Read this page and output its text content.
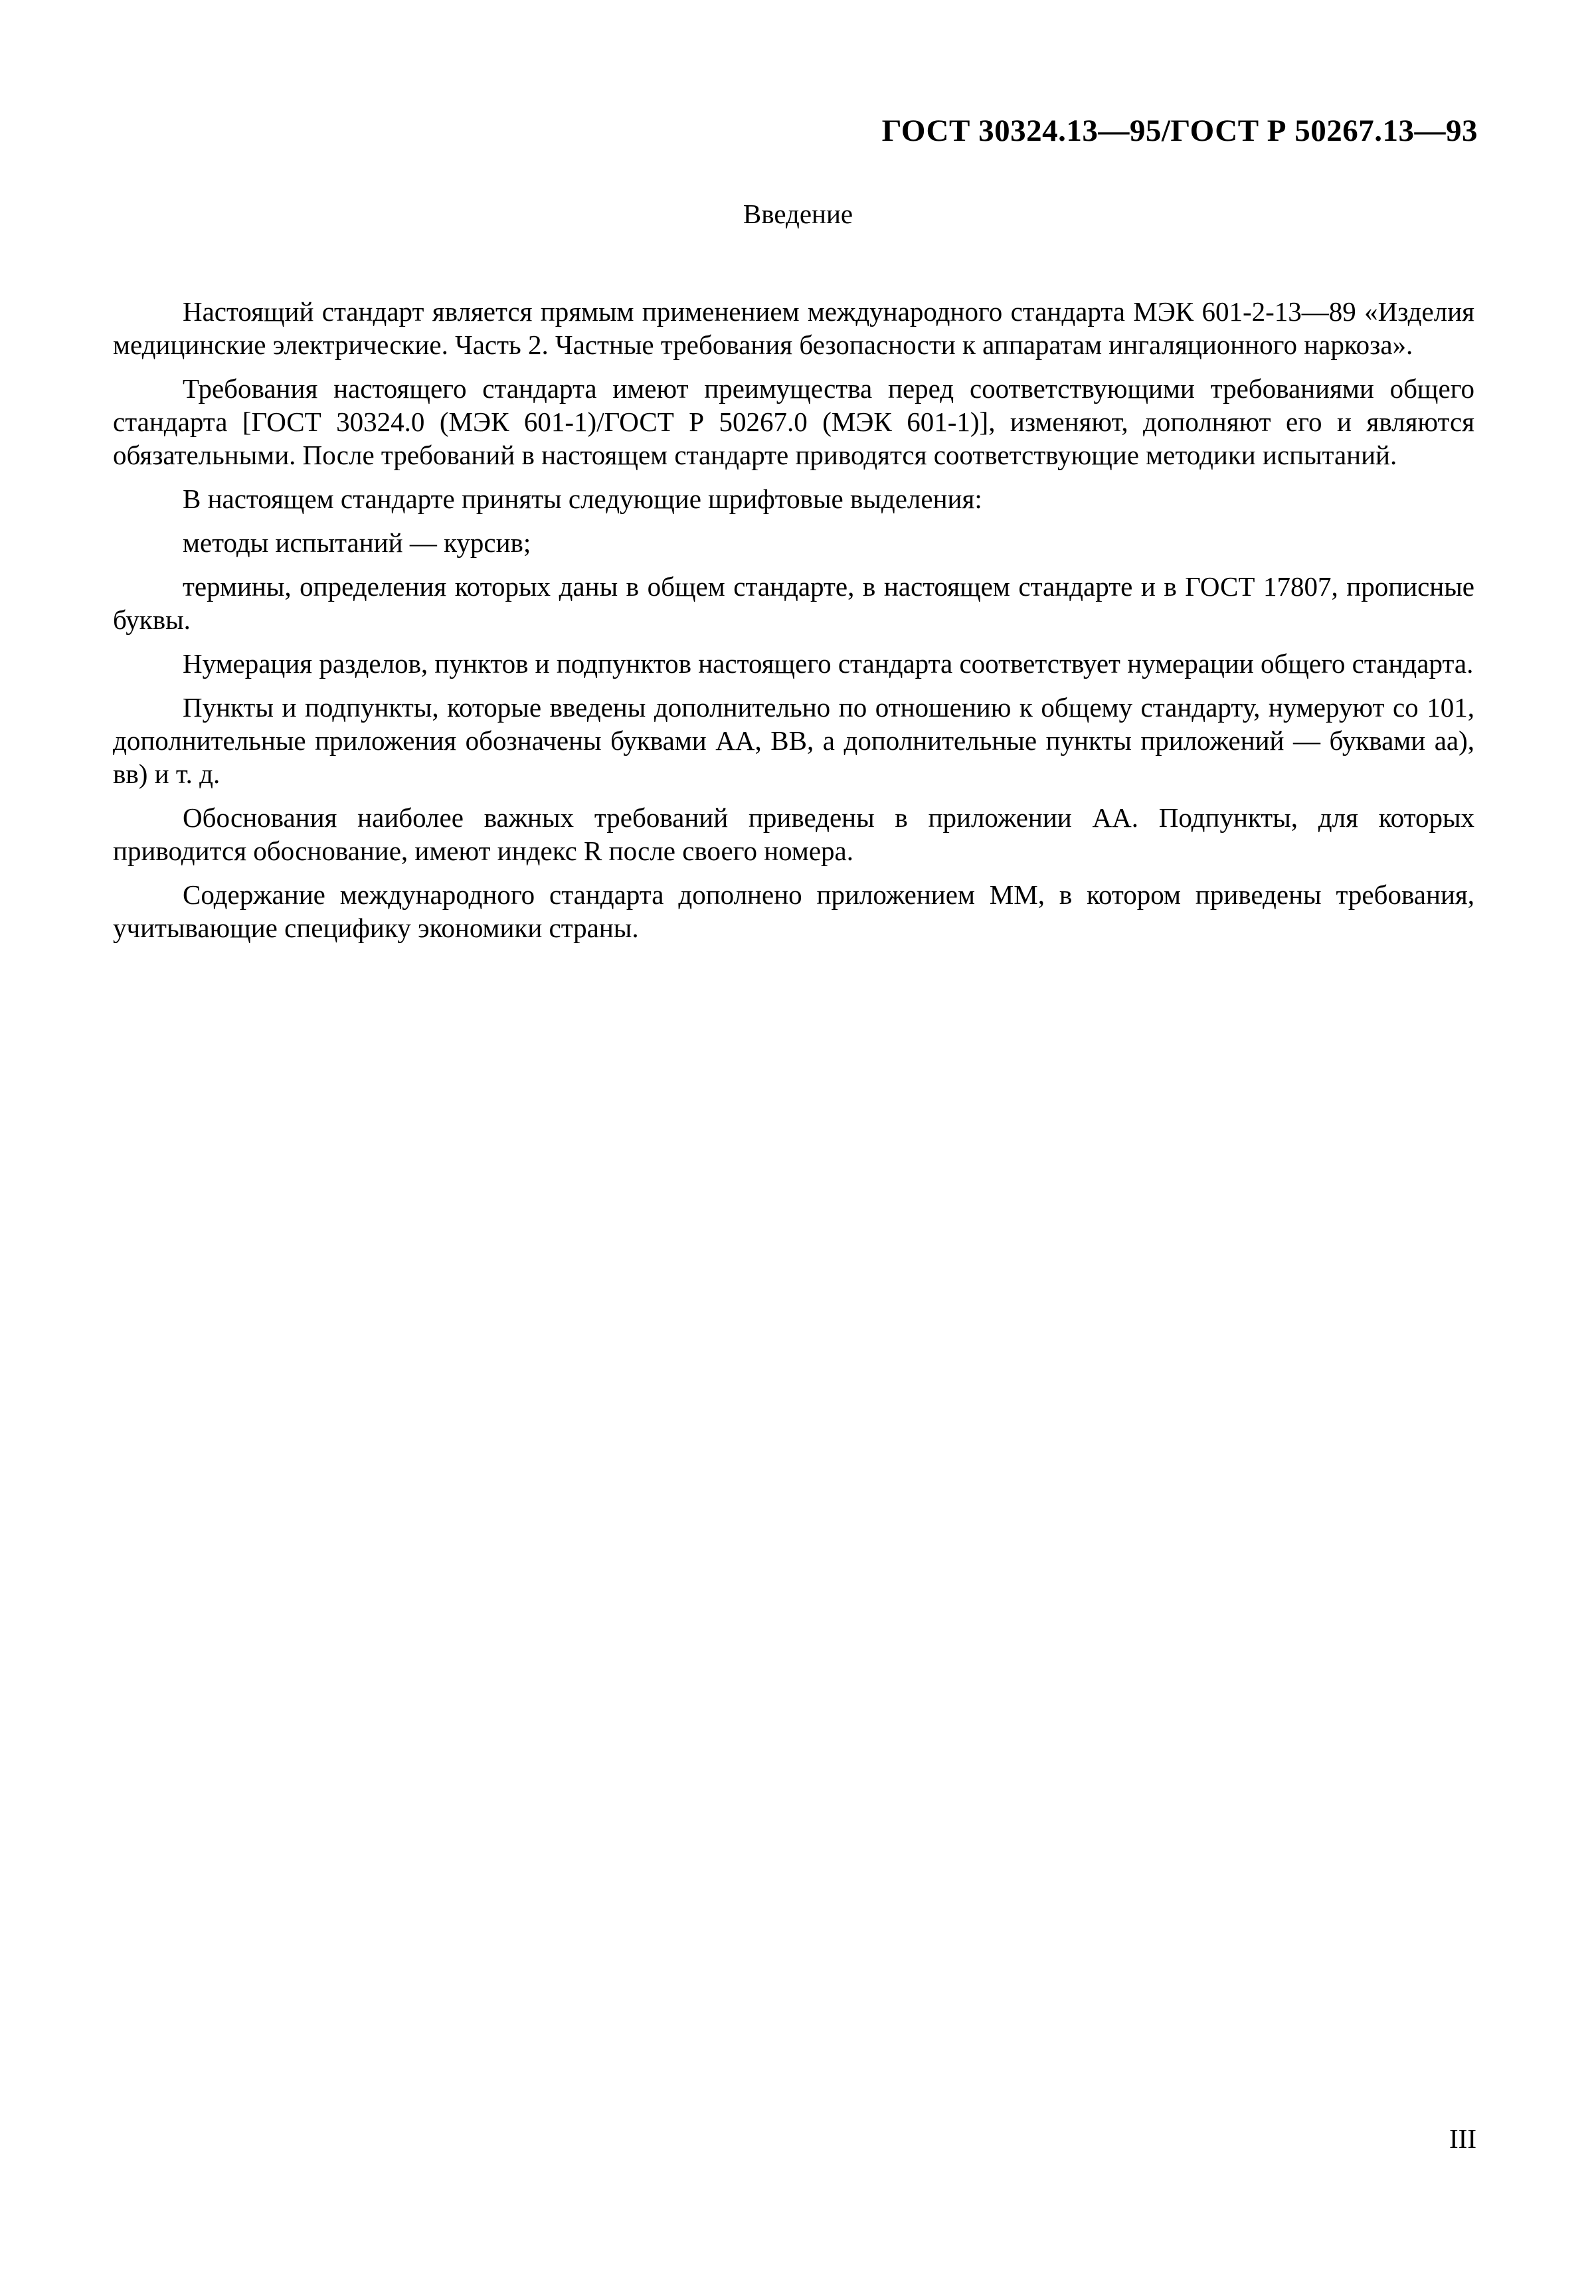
ГОСТ 30324.13—95/ГОСТ Р 50267.13—93
Введение

Настоящий стандарт является прямым применением международного стандарта МЭК 601-2-13—89 «Изделия медицинские электрические. Часть 2. Частные требования безопасности к аппаратам ингаляционного наркоза».

Требования настоящего стандарта имеют преимущества перед соответствующими требованиями общего стандарта [ГОСТ 30324.0 (МЭК 601-1)/ГОСТ Р 50267.0 (МЭК 601-1)], изменяют, дополняют его и являются обязательными. После требований в настоящем стандарте приводятся соответствующие методики испытаний.

В настоящем стандарте приняты следующие шрифтовые выделения:

методы испытаний — курсив;

термины, определения которых даны в общем стандарте, в настоящем стандарте и в ГОСТ 17807, прописные буквы.

Нумерация разделов, пунктов и подпунктов настоящего стандарта соответствует нумерации общего стандарта.

Пункты и подпункты, которые введены дополнительно по отношению к общему стандарту, нумеруют со 101, дополнительные приложения обозначены буквами АА, ВВ, а дополнительные пункты приложений — буквами аа), вв) и т. д.

Обоснования наиболее важных требований приведены в приложении АА. Подпункты, для которых приводится обоснование, имеют индекс R после своего номера.

Содержание международного стандарта дополнено приложением ММ, в котором приведены требования, учитывающие специфику экономики страны.

III
